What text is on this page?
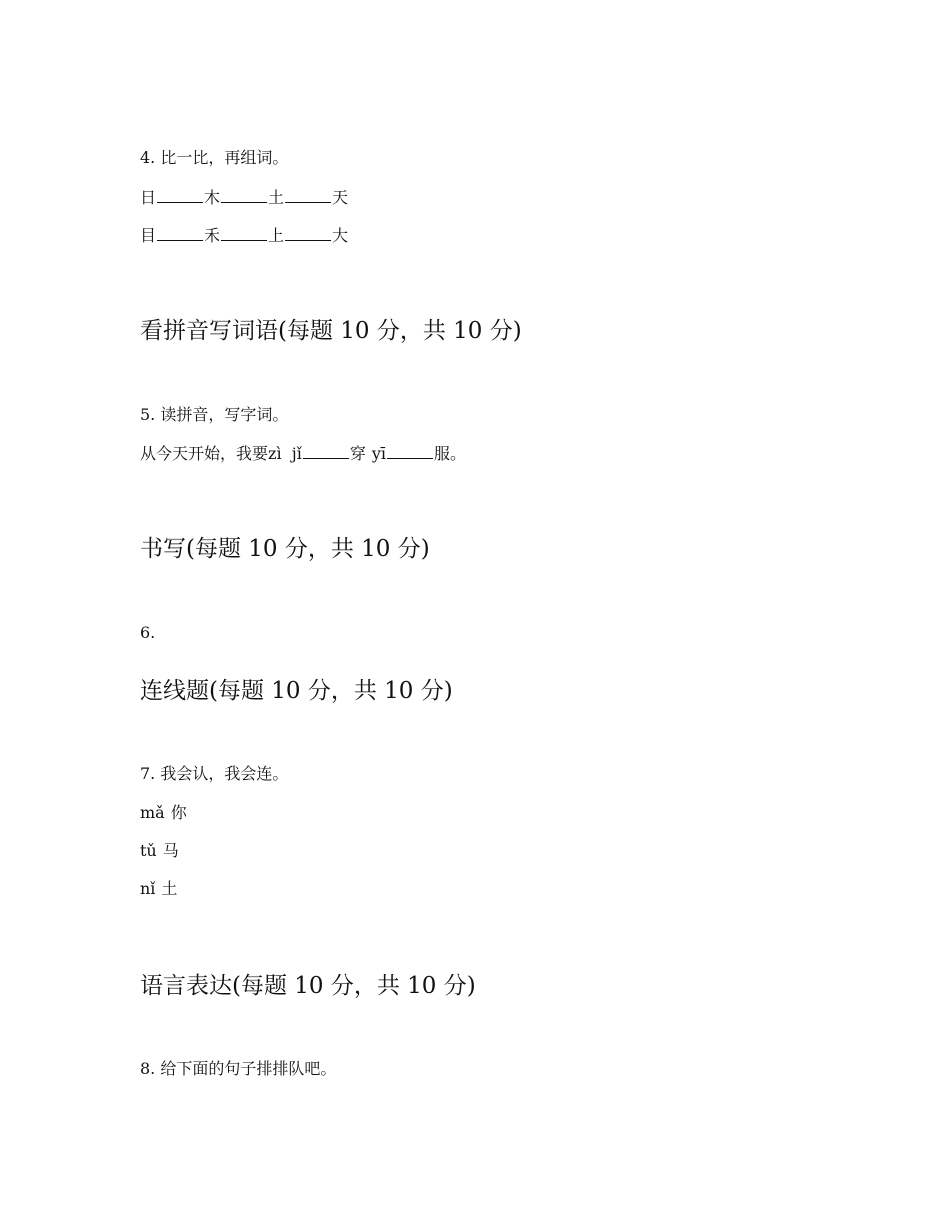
4. 比一比，再组词。
日	木	土	天
目	禾	上	大
看拼音写词语(每题 10 分，共 10 分)
5. 读拼音，写字词。
从今天开始，我要zì  jǐ	穿 yī	服。
书写(每题 10 分，共 10 分)
6.
连线题(每题 10 分，共 10 分)
7. 我会认，我会连。
mǎ 你
tǔ 马
nǐ 土
语言表达(每题 10 分，共 10 分)
8. 给下面的句子排排队吧。
